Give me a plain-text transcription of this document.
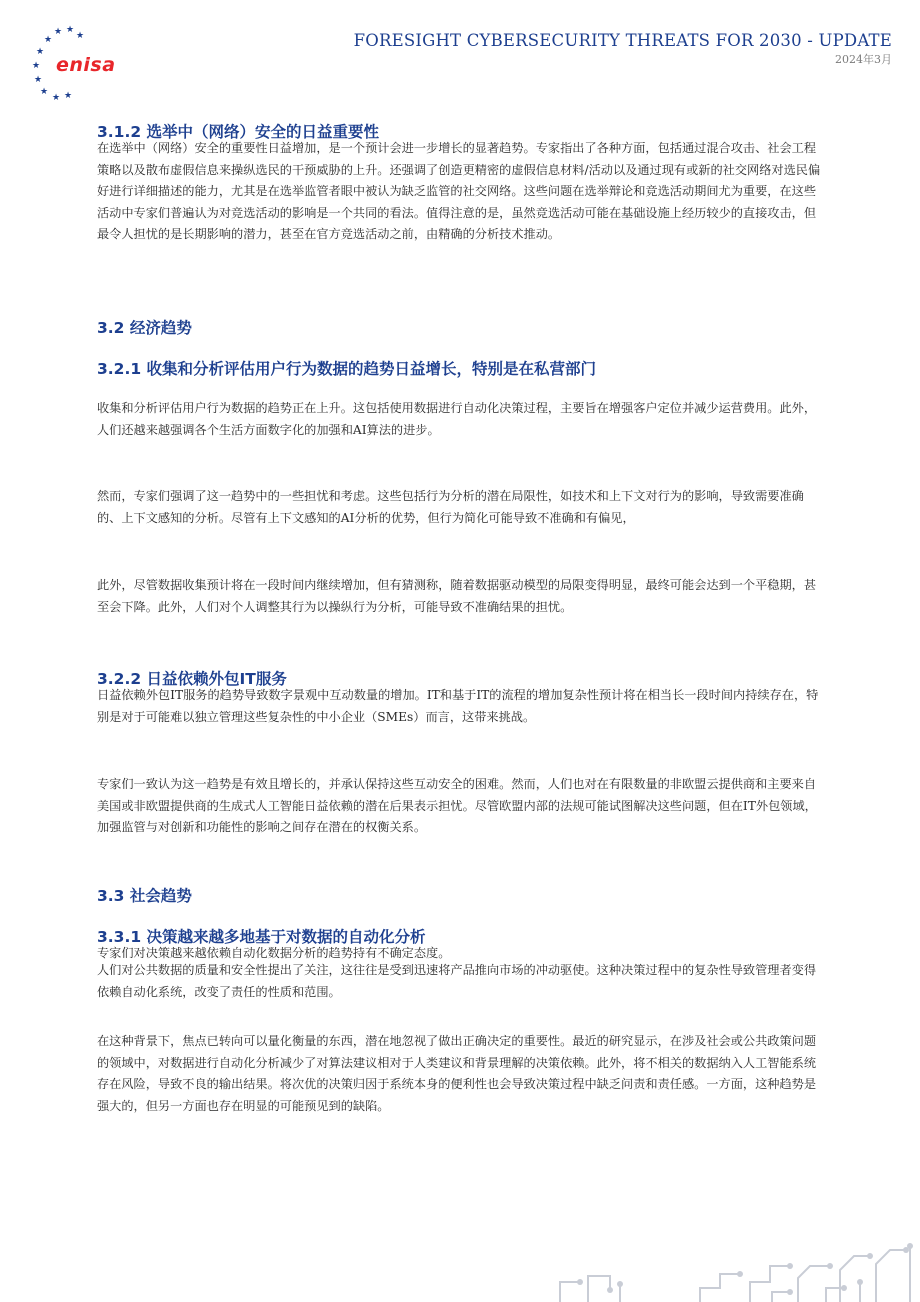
★ ★
★
★
★
★
★
★
★ ★
enisa
FORESIGHT CYBERSECURITY THREATS FOR 2030 - UPDATE
2024年3月
3.1.2 选举中（网络）安全的日益重要性

在选举中（网络）安全的重要性日益增加，是一个预计会进一步增长的显著趋势。专家指出了各种方面，包括通过混合攻击、社会工程策略以及散布虚假信息来操纵选民的干预威胁的上升。还强调了创造更精密的虚假信息材料/活动以及通过现有或新的社交网络对选民偏好进行详细描述的能力，尤其是在选举监管者眼中被认为缺乏监管的社交网络。这些问题在选举辩论和竞选活动期间尤为重要，在这些活动中专家们普遍认为对竞选活动的影响是一个共同的看法。值得注意的是，虽然竞选活动可能在基础设施上经历较少的直接攻击，但最令人担忧的是长期影响的潜力，甚至在官方竞选活动之前，由精确的分析技术推动。

3.2 经济趋势
3.2.1 收集和分析评估用户行为数据的趋势日益增长，特别是在私营部门

收集和分析评估用户行为数据的趋势正在上升。这包括使用数据进行自动化决策过程，主要旨在增强客户定位并减少运营费用。此外，人们还越来越强调各个生活方面数字化的加强和AI算法的进步。

然而，专家们强调了这一趋势中的一些担忧和考虑。这些包括行为分析的潜在局限性，如技术和上下文对行为的影响，导致需要准确的、上下文感知的分析。尽管有上下文感知的AI分析的优势，但行为简化可能导致不准确和有偏见，

此外，尽管数据收集预计将在一段时间内继续增加，但有猜测称，随着数据驱动模型的局限变得明显，最终可能会达到一个平稳期，甚至会下降。此外，人们对个人调整其行为以操纵行为分析，可能导致不准确结果的担忧。

3.2.2 日益依赖外包IT服务

日益依赖外包IT服务的趋势导致数字景观中互动数量的增加。IT和基于IT的流程的增加复杂性预计将在相当长一段时间内持续存在，特别是对于可能难以独立管理这些复杂性的中小企业（SMEs）而言，这带来挑战。

专家们一致认为这一趋势是有效且增长的，并承认保持这些互动安全的困难。然而，人们也对在有限数量的非欧盟云提供商和主要来自美国或非欧盟提供商的生成式人工智能日益依赖的潜在后果表示担忧。尽管欧盟内部的法规可能试图解决这些问题，但在IT外包领域，加强监管与对创新和功能性的影响之间存在潜在的权衡关系。

3.3 社会趋势
3.3.1 决策越来越多地基于对数据的自动化分析

专家们对决策越来越依赖自动化数据分析的趋势持有不确定态度。

人们对公共数据的质量和安全性提出了关注，这往往是受到迅速将产品推向市场的冲动驱使。这种决策过程中的复杂性导致管理者变得依赖自动化系统，改变了责任的性质和范围。

在这种背景下，焦点已转向可以量化衡量的东西，潜在地忽视了做出正确决定的重要性。最近的研究显示，在涉及社会或公共政策问题的领域中，对数据进行自动化分析减少了对算法建议相对于人类建议和背景理解的决策依赖。此外，将不相关的数据纳入人工智能系统存在风险，导致不良的输出结果。将次优的决策归因于系统本身的便利性也会导致决策过程中缺乏问责和责任感。一方面，这种趋势是强大的，但另一方面也存在明显的可能预见到的缺陷。
